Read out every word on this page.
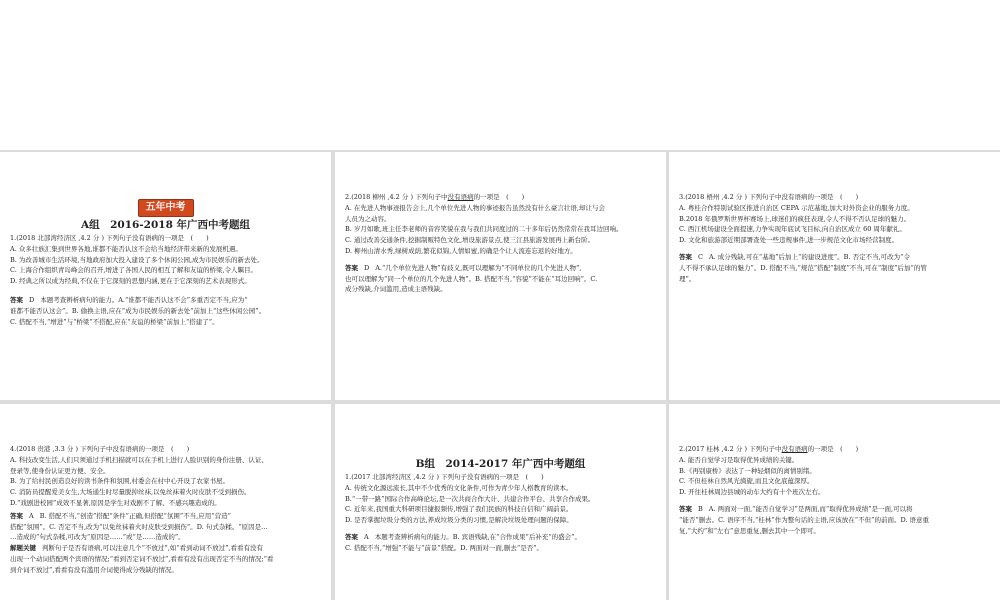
五年中考

A组　2016-2018 年广西中考题组

1.(2018 北部湾经济区 ,4.2 分 ) 下列句子没有语病的一项是　(　　)

A. 众多壮族汇集到世界各地,谁都不能否认这不会给当地经济带来新的发展机遇。

B. 为改善城市生活环境,当地政府加大投入建设了多个休闲公园,成为市民娱乐的新去处。

C. 上海合作组织青岛峰会的召开,增进了各国人民的相互了解和友谊的桥梁,令人瞩目。

D. 经典之所以成为经典,不仅在于它深刻的思想内涵,更在于它深刻的艺术表现形式。

答案 D 本题考查辨析病句的能力。A.“谁都不能否认这不会”多重否定不当,应为“

谁都不能否认这会”。B. 偷换主语,应在“成为市民娱乐的新去处”前加上“这些休闲公园”。

C. 搭配不当,“增进”与“桥梁”不搭配,应在“友谊的桥梁”前加上“搭建了”。

2.(2018 柳州 ,4.2 分 ) 下列句子中没有语病的一项是　(　　)

A. 在先进人物事迹报告会上,几个单位先进人物的事迹报告虽然没有什么豪言壮语,却让与会

人员为之动容。

B. 岁月如歌,班主任李老师的音容笑貌在我与我们共同度过的二十多年后仍然常常在我耳边回响。

C. 通过改善交通条件,挖掘制贩特色文化,增设旅游景点,使三江县旅游发展再上新台阶。

D. 柳州山清水秀,绿树成荫,繁花似锦,人情如蜜,的确是个让人流连忘返的好地方。

答案 D A.“几个单位先进人物”有歧义,既可以理解为“不同单位的几个先进人物”,

也可以理解为“同一个单位的几个先进人物”。B. 搭配不当,“容貌”不能在“耳边回响”。C.

成分残缺,介词滥用,造成主语残缺。

3.(2018 梧州 ,4.2 分 ) 下列句子中没有语病的一项是　(　　)

A. 粤桂合作特别试验区推进自治区 CEPA 示范基地,加大对外资企业的服务力度。

B.2018 年俄罗斯世界杯赛场上,球迷们的疯狂表现,令人不得不否认足球的魅力。

C. 西江机场建设全面提速,力争实现年底试飞目标,向自治区成立 60 周年献礼。

D. 文化和旅游部近期部署查处一些违规事件,进一步规范文化市场经营制度。

答案 C A. 成分残缺,可在“基地”后加上“的建设进度”。B. 否定不当,可改为“令

人不得不承认足球的魅力”。D. 搭配不当,“规范”搭配“制度”不当,可在“制度”后加“的管

理”。

4.(2018 贵港 ,3.3 分 ) 下列句子中没有语病的一项是　(　　)

A. 科技改变生活,人们只须通过手机扫描就可以在手机上进行人脸识别的身份注册、认证、

登录等,使身份认证更方便、安全。

B. 为了给村民创造良好的读书条件和氛围,村委会在村中心开设了农家书屋。

C. 消防员提醒爱美女生,大场通生时尽量脱掉丝袜,以免丝袜着火时皮肤不受到损伤。

D.“戏剧进校园”成效不显著,原因是学生对戏剧不了解、不感兴趣造成的。

答案 A B. 搭配不当,“创造”搭配“条件”正确,但搭配“氛围”不当,应用“营造”

搭配“氛围”。C. 否定不当,改为“以免丝袜着火时皮肤受到损伤”。D. 句式杂糅。“原因是…

…造成的”句式杂糅,可改为“原因是……”或“是……造成的”。

解题关键 判断句子是否有语病,可以注意几个“不放过”,如“看到动词不放过”,看看有没有

出现一个动词搭配两个宾语的情况;“看到否定词不放过”,看看有没有出现否定不当的情况;“看

到介词不放过”,看看有没有滥用介词使得成分残缺的情况。

B组　2014-2017 年广西中考题组

1.(2017 北部湾经济区 ,4.2 分 ) 下列句子没有语病的一项是　(　　)

A. 传统文化源远流长,其中不少优秀的文化条件,可作为青少年人格教育的读本。

B.“一带一路”国际合作高峰论坛,是一次共商合作大计、共建合作平台、共享合作成果。

C. 近年来,我国重大科研项目捷报频传,增强了我们民族的科技自信和广阔前景。

D. 是否掌握垃圾分类的方法,养成垃圾分类的习惯,是解决垃圾处理问题的保障。

答案 A 本题考查辨析病句的能力。B. 宾语残缺,在“合作成果”后补充“的盛会”。

C. 搭配不当,“增强”不能与“前景”搭配。D. 两面对一面,删去“是否”。

2.(2017 桂林 ,4.2 分 ) 下列句子中没有语病的一项是　(　　)

A. 能否自觉学习是取得优异成绩的关键。

B.《再别康桥》表达了一种轻烟似的离情别绪。

C. 不但桂林自然风光旖旎,而且文化底蕴深厚。

D. 开往桂林周边县城的动车大约有十个班次左右。

答案 B A. 两面对一面,“能否自觉学习”是两面,而“取得优异成绩”是一面,可以将

“能否”删去。C. 语序不当,“桂林”作为整句话的主语,应该放在“不但”的前面。D. 语意重

复,“大约”和“左右”意思重复,删去其中一个即可。
